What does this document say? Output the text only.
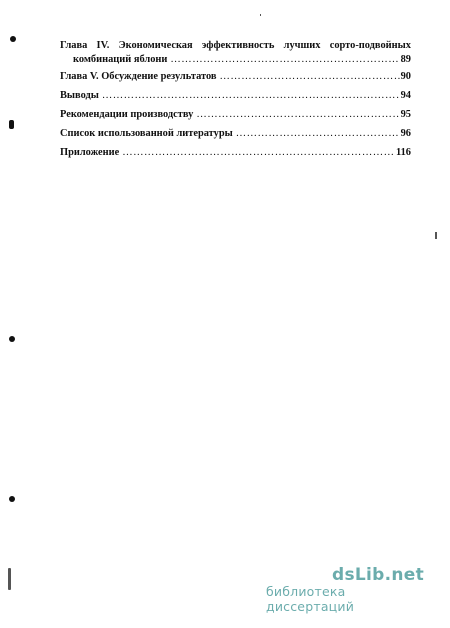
Глава IV. Экономическая эффективность лучших сорто-подвойных
комбинаций яблони …………………………………………………………………………………………………………………………………………………………………	89
Глава V. Обсуждение результатов …………………………………………………………………………………………………………………………………………………………………	90
Выводы …………………………………………………………………………………………………………………………………………………………………	94
Рекомендации производству …………………………………………………………………………………………………………………………………………………………………	95
Список использованной литературы …………………………………………………………………………………………………………………………………………………………………	96
Приложение …………………………………………………………………………………………………………………………………………………………………	116
dsLib.net
библиотека диссертаций
